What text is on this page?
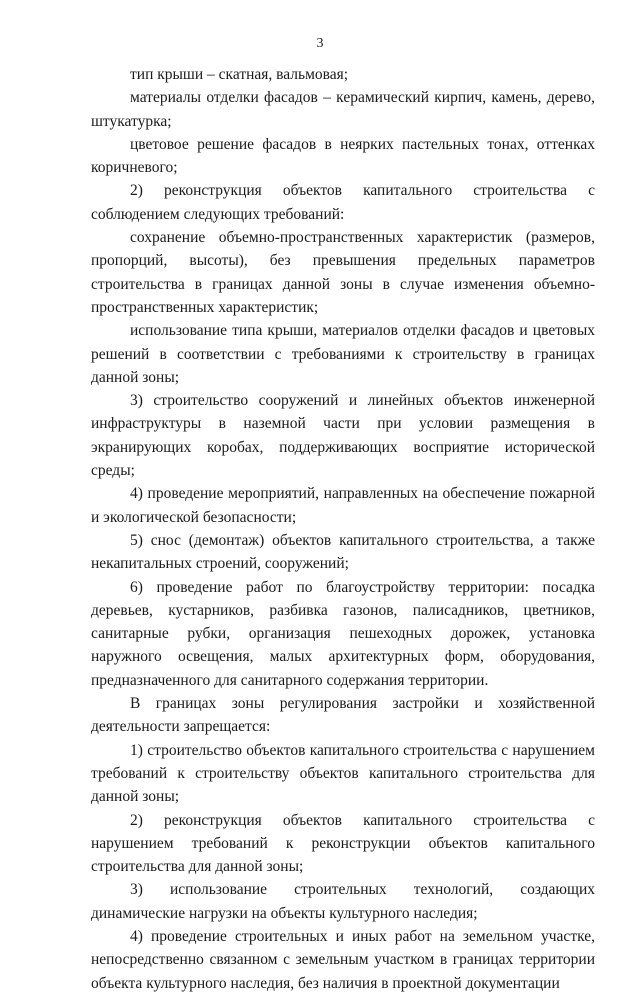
3

тип крыши – скатная, вальмовая;

материалы отделки фасадов – керамический кирпич, камень, дерево, штукатурка;

цветовое решение фасадов в неярких пастельных тонах, оттенках коричневого;

2) реконструкция объектов капитального строительства с соблюдением следующих требований:

сохранение объемно-пространственных характеристик (размеров, пропорций, высоты), без превышения предельных параметров строительства в границах данной зоны в случае изменения объемно-пространственных характеристик;

использование типа крыши, материалов отделки фасадов и цветовых решений в соответствии с требованиями к строительству в границах данной зоны;

3) строительство сооружений и линейных объектов инженерной инфраструктуры в наземной части при условии размещения в экранирующих коробах, поддерживающих восприятие исторической среды;

4) проведение мероприятий, направленных на обеспечение пожарной и экологической безопасности;

5) снос (демонтаж) объектов капитального строительства, а также некапитальных строений, сооружений;

6) проведение работ по благоустройству территории: посадка деревьев, кустарников, разбивка газонов, палисадников, цветников, санитарные рубки, организация пешеходных дорожек, установка наружного освещения, малых архитектурных форм, оборудования, предназначенного для санитарного содержания территории.

В границах зоны регулирования застройки и хозяйственной деятельности запрещается:

1) строительство объектов капитального строительства с нарушением требований к строительству объектов капитального строительства для данной зоны;

2) реконструкция объектов капитального строительства с нарушением требований к реконструкции объектов капитального строительства для данной зоны;

3) использование строительных технологий, создающих динамические нагрузки на объекты культурного наследия;

4) проведение строительных и иных работ на земельном участке, непосредственно связанном с земельным участком в границах территории объекта культурного наследия, без наличия в проектной документации
